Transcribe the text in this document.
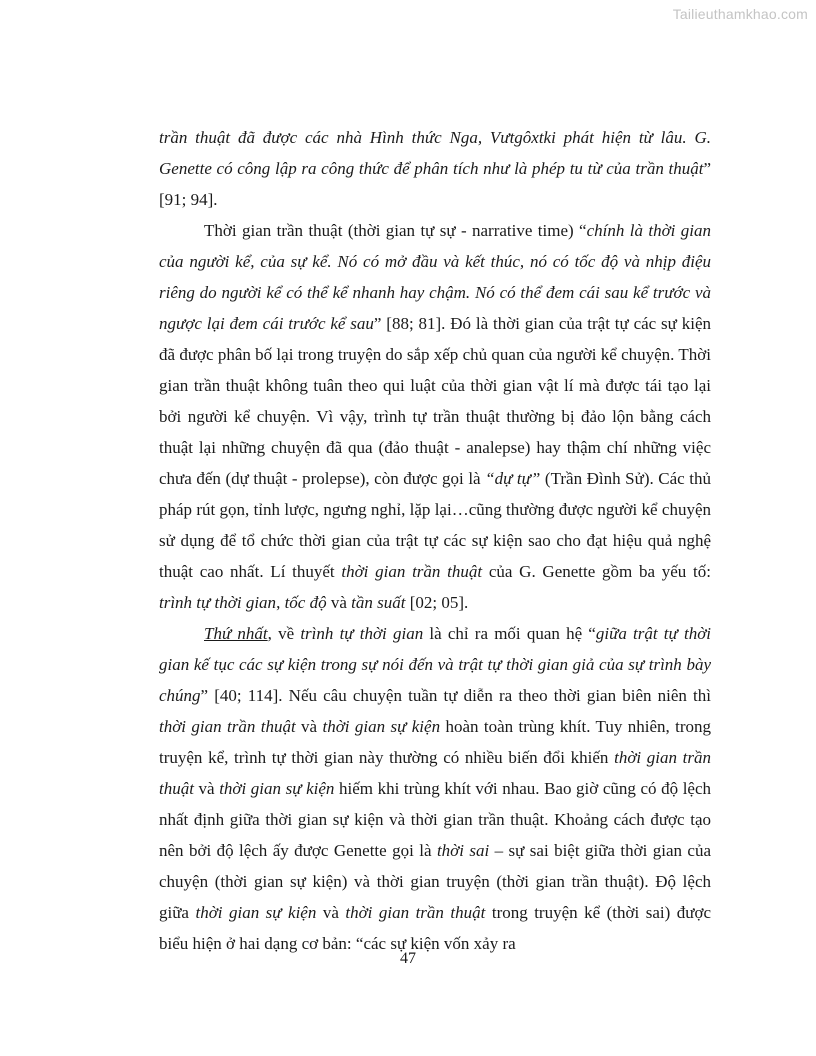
Tailieuthamkhao.com

trần thuật đã được các nhà Hình thức Nga, Vưtgôxtki phát hiện từ lâu. G. Genette có công lập ra công thức để phân tích như là phép tu từ của trần thuật” [91; 94].

Thời gian trần thuật (thời gian tự sự - narrative time) “chính là thời gian của người kể, của sự kể. Nó có mở đầu và kết thúc, nó có tốc độ và nhịp điệu riêng do người kể có thể kể nhanh hay chậm. Nó có thể đem cái sau kể trước và ngược lại đem cái trước kể sau” [88; 81]. Đó là thời gian của trật tự các sự kiện đã được phân bố lại trong truyện do sắp xếp chủ quan của người kể chuyện. Thời gian trần thuật không tuân theo qui luật của thời gian vật lí mà được tái tạo lại bởi người kể chuyện. Vì vậy, trình tự trần thuật thường bị đảo lộn bằng cách thuật lại những chuyện đã qua (đảo thuật - analepse) hay thậm chí những việc chưa đến (dự thuật - prolepse), còn được gọi là “dự tự” (Trần Đình Sử). Các thủ pháp rút gọn, tỉnh lược, ngưng nghỉ, lặp lại…cũng thường được người kể chuyện sử dụng để tổ chức thời gian của trật tự các sự kiện sao cho đạt hiệu quả nghệ thuật cao nhất. Lí thuyết thời gian trần thuật của G. Genette gồm ba yếu tố: trình tự thời gian, tốc độ và tần suất [02; 05].

Thứ nhất, về trình tự thời gian là chỉ ra mối quan hệ “giữa trật tự thời gian kế tục các sự kiện trong sự nói đến và trật tự thời gian giả của sự trình bày chúng” [40; 114]. Nếu câu chuyện tuần tự diễn ra theo thời gian biên niên thì thời gian trần thuật và thời gian sự kiện hoàn toàn trùng khít. Tuy nhiên, trong truyện kể, trình tự thời gian này thường có nhiều biến đổi khiến thời gian trần thuật và thời gian sự kiện hiếm khi trùng khít với nhau. Bao giờ cũng có độ lệch nhất định giữa thời gian sự kiện và thời gian trần thuật. Khoảng cách được tạo nên bởi độ lệch ấy được Genette gọi là thời sai – sự sai biệt giữa thời gian của chuyện (thời gian sự kiện) và thời gian truyện (thời gian trần thuật). Độ lệch giữa thời gian sự kiện và thời gian trần thuật trong truyện kể (thời sai) được biểu hiện ở hai dạng cơ bản: “các sự kiện vốn xảy ra

47
